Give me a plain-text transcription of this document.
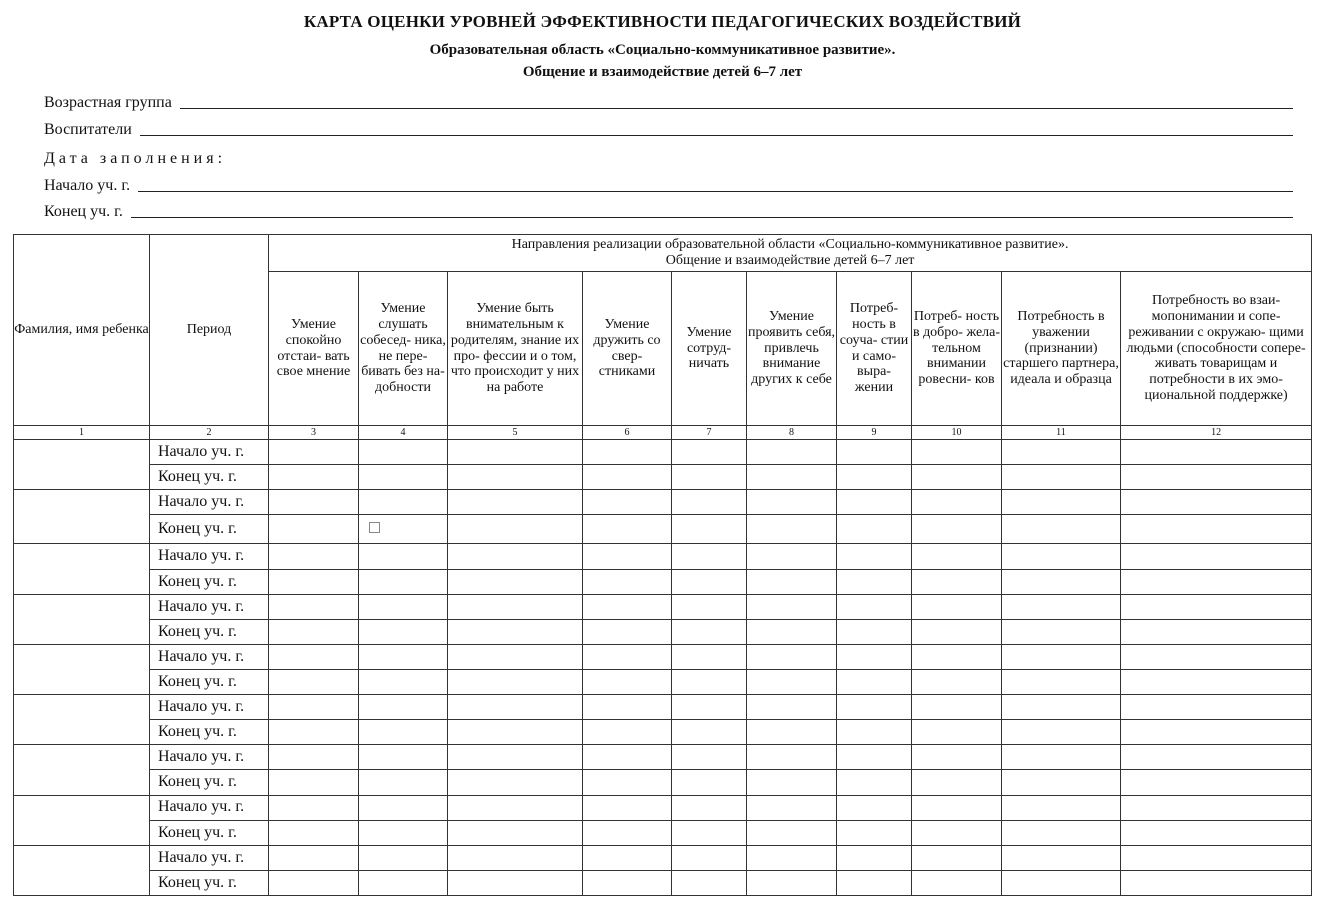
КАРТА ОЦЕНКИ УРОВНЕЙ ЭФФЕКТИВНОСТИ ПЕДАГОГИЧЕСКИХ ВОЗДЕЙСТВИЙ
Образовательная область «Социально-коммуникативное развитие».
Общение и взаимодействие детей 6–7 лет
Возрастная группа
Воспитатели
Дата заполнения:
Начало уч. г.
Конец уч. г.
Фамилия, имя ребенка	Период	Направления реализации образовательной области «Социально-коммуникативное развитие».
Общение и взаимодействие детей 6–7 лет									
		Умение спокойно отстаи- вать свое мнение	Умение слушать собесед- ника, не пере- бивать без на- добности	Умение быть внимательным к родителям, знание их про- фессии и о том, что происходит у них на работе	Умение дружить со свер- стниками	Умение сотруд- ничать	Умение проявить себя, привлечь внимание других к себе	Потреб- ность в соуча- стии и само- выра- жении	Потреб- ность в добро- жела- тельном внимании ровесни- ков	Потребность в уважении (признании) старшего партнера, идеала и образца	Потребность во взаи- мопонимании и сопе- реживании с окружаю- щими людьми (способности сопере- живать товарищам и потребности в их эмо- циональной поддержке)
1	2	3	4	5	6	7	8	9	10	11	12
	Начало уч. г.										
	Конец уч. г.										
	Начало уч. г.										
	Конец уч. г.										
	Начало уч. г.										
	Конец уч. г.										
	Начало уч. г.										
	Конец уч. г.										
	Начало уч. г.										
	Конец уч. г.										
	Начало уч. г.										
	Конец уч. г.										
	Начало уч. г.										
	Конец уч. г.										
	Начало уч. г.										
	Конец уч. г.										
	Начало уч. г.										
	Конец уч. г.										
